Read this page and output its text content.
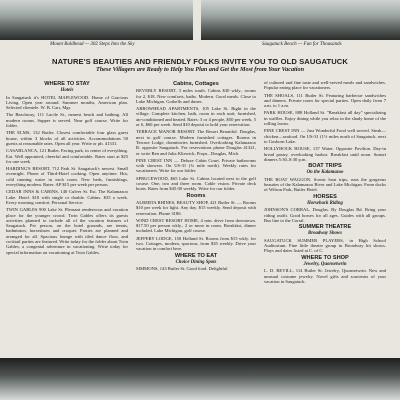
Mount Baldhead — 302 Steps Into the Sky	Saugatuck Beach — Fun for Thousands
NATURE'S BEAUTIES AND FRIENDLY FOLKS INVITE YOU TO OLD SAUGATUCK
These Villagers are Ready to Help You Plan and Get the Most from Your Vacation
WHERE TO STAY
Hotels
In Saugatuck it's HOTEL MAPLEWOOD. Home of Gracious Living. Open year around. Summer months, American plan. Selected clientele. W. B. Carr, Mgr.
The Beachway, 111 Lucile St., nearest beach and bathing. All modern rooms. Supper is served. Near golf course. Write for folder.
THE ELMS, 132 Butler. Closest comfortable four glass guest house, within 3 blocks of all activities. Accommodations 50 guests at reasonable rates. Open all year. Write or ph. 41331.
CASABLANCA, 121 Butler. Facing park, in center of everything. Eat. Well appointed, cheerful and comfortable. Rates start at $25 for one week.
HARDING'S RESORT, 712 Park St. Saugatuck's newest. Small overnight. Phone of Third-Hotel cooking. Open anytime. Hot, cold running water in each room. New beds, furnishings, everything modern. Rates: AP $15 per week per person.
CEDAR INNS & CABINS, 140 Culver St. Est. The Kalamazoo Lake. Hotel. $10 with single or double. Cabins. $35 a week. Every morning comfort. Personal Service.
TWIN GABLES 900 Lake St. Pleasant rendezvous and vacation place for the younger crowd. Twin Gables offers its guests activities planned to include all of the vacation features of Saugatuck. Per person, on the hotel grounds, are tennis, badminton, horseshoes and croquet. Parties are planned and arranged for all. Spacious lounge with tiled dance floor, and cocktail parties are featured. Write today for the folder about Twin Gables, a congenial adventure in vacationing. Write today for special information on vacationing at Twin Gables.
Cabins, Cottages
BEVERLY RESORT, 3 miles south. Cabins $30 wkly., rooms for 2, $18. New comforts, baths. Modern. Good meals. Close to Lake Michigan. Gothells and dunes.
ARROWHEAD APARTMENTS, 105 Lake St. Right in the village. Complete kitchen, bath, room in each unit; furnished, air-conditioned and heated. Rates: 3 or 4 people, $50 per week, 5 or 6, $60 per week. Send $10 deposit to hold your reservation.
TERRACE MANOR RESORT. The Resort Beautiful. Douglas, next to golf course. Modern furnished cottages. Rooms in Terrace Lodge, dormitories furnished. Overlooking Kalamazoo R. opposite Saugatuck. For reservations phone Douglas 41321, or write Ben and Julia Kliewick, Props., Douglas, Mich.
PINE CREST INN — Deluxe Cabin Court. Private bathrooms with showers. On US-31 (¾ mile north). Weekly rates for vacationers. Write for our folder.
SPRUCEWOOD, $65 Lake St. Cabins located next to the golf course. One, two and three room. Cable vision. Private deck boats. Rates from $45.00 weekly. Write for our folder.
Rooms
ALBERTA RHINES, BEAUTY SHOP, 421 Butler St. — Rooms $10 per week for light. Any day. $15 weekly. Send deposit with reservation. Phone 3186.
WIND CREST RESORT HOME, 4 min. drive from downtown. $17.50 per person wkly., 2 or more in room. Breakfast, dinner included. Lake Michigan, golf course.
JEFFERY LODGE, 150 Holland St. Rooms from $15 wkly. for two. Cottages, modern, spacious, from $35 weekly. Drive your vacation in comfort here.
WHERE TO EAT
Choice Dining Spots
SIMMONS, 143 Butler St. Good food. Delightful
of cultured and fine taste and well-served meals and sandwiches. Popular eating place for vacationers.
THE SHOALS, 111 Butler St. Featuring barbecue sandwiches and dinners. Private room for special parties. Open daily from 7 a.m. to 1 a.m.
PARK HOUSE, 888 Holland St. "Breakfast all day" specializing in waffles. Enjoy dining while you relax in the shady home of the rolling lawns.
PINE CREST INN — Just Wonderful Food well served. Steak—chicken—seafood. On US-31 (1½ miles north of Saugatuck, next to Goshorn Lake.
HOLLYHOCK HOUSE, 137 Water. Opposite Pavilion. Day-in bread pastry, overlooking harbor. Breakfast until noon. Sunset dinners 5:30–8:30 p.m.
BOAT TRIPS
On the Kalamazoo
THE BOAT WAGGON. Scenic boat trips, runs the gorgeous beauties of the Kalamazoo River and Lake Michigan. From docks of Wilson Park, Butler Hotel.
HORSES
Horseback Riding
JOHNSON'S CORRAL, Douglas. By Douglas Rd. Bring your riding outfit. Good horses for all ages. Guides with all groups. Bus line to the Corral.
SUMMER THEATRE
Broadway Shows
SAUGATUCK SUMMER PLAYERS, in High School Auditorium. Fine little theatre group in Broadway hit shows. Plays and dates listed at C. of C.
WHERE TO SHOP
Jewelry, Quonsetwrin
L. D. BEVILL, 114 Butler St. Jewelry, Quonsetwrin. New and unusual costume jewelry. Novel gifts and souvenirs of your vacation in Saugatuck.
